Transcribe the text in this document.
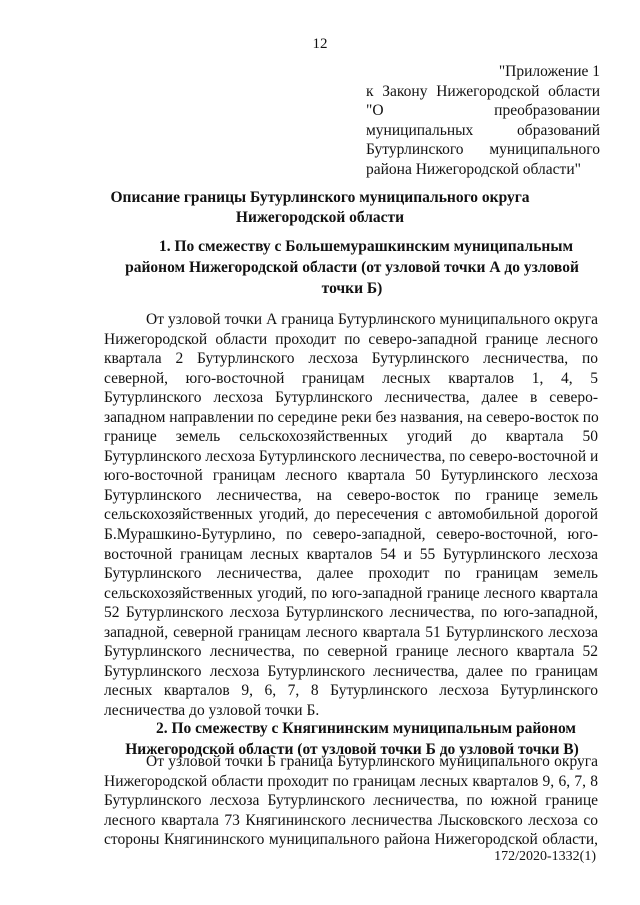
12
"Приложение 1
к Закону Нижегородской области
"О преобразовании
муниципальных образований
Бутурлинского муниципального
района Нижегородской области"
Описание границы Бутурлинского муниципального округа
Нижегородской области
1. По смежеству с Большемурашкинским муниципальным
районом Нижегородской области (от узловой точки А до узловой
точки Б)
От узловой точки А граница Бутурлинского муниципального округа
Нижегородской области проходит по северо-западной границе лесного
квартала 2 Бутурлинского лесхоза Бутурлинского лесничества, по
северной, юго-восточной границам лесных кварталов 1, 4, 5
Бутурлинского лесхоза Бутурлинского лесничества, далее в северо-
западном направлении по середине реки без названия, на северо-восток по
границе земель сельскохозяйственных угодий до квартала 50
Бутурлинского лесхоза Бутурлинского лесничества, по северо-восточной и
юго-восточной границам лесного квартала 50 Бутурлинского лесхоза
Бутурлинского лесничества, на северо-восток по границе земель
сельскохозяйственных угодий, до пересечения с автомобильной дорогой
Б.Мурашкино-Бутурлино, по северо-западной, северо-восточной, юго-
восточной границам лесных кварталов 54 и 55 Бутурлинского лесхоза
Бутурлинского лесничества, далее проходит по границам земель
сельскохозяйственных угодий, по юго-западной границе лесного квартала
52 Бутурлинского лесхоза Бутурлинского лесничества, по юго-западной,
западной, северной границам лесного квартала 51 Бутурлинского лесхоза
Бутурлинского лесничества, по северной границе лесного квартала 52
Бутурлинского лесхоза Бутурлинского лесничества, далее по границам
лесных кварталов 9, 6, 7, 8 Бутурлинского лесхоза Бутурлинского
лесничества до узловой точки Б.
2. По смежеству с Княгининским муниципальным районом
Нижегородской области (от узловой точки Б до узловой точки В)
От узловой точки Б граница Бутурлинского муниципального округа
Нижегородской области проходит по границам лесных кварталов 9, 6, 7, 8
Бутурлинского лесхоза Бутурлинского лесничества, по южной границе
лесного квартала 73 Княгининского лесничества Лысковского лесхоза со
стороны Княгининского муниципального района Нижегородской области,
172/2020-1332(1)
